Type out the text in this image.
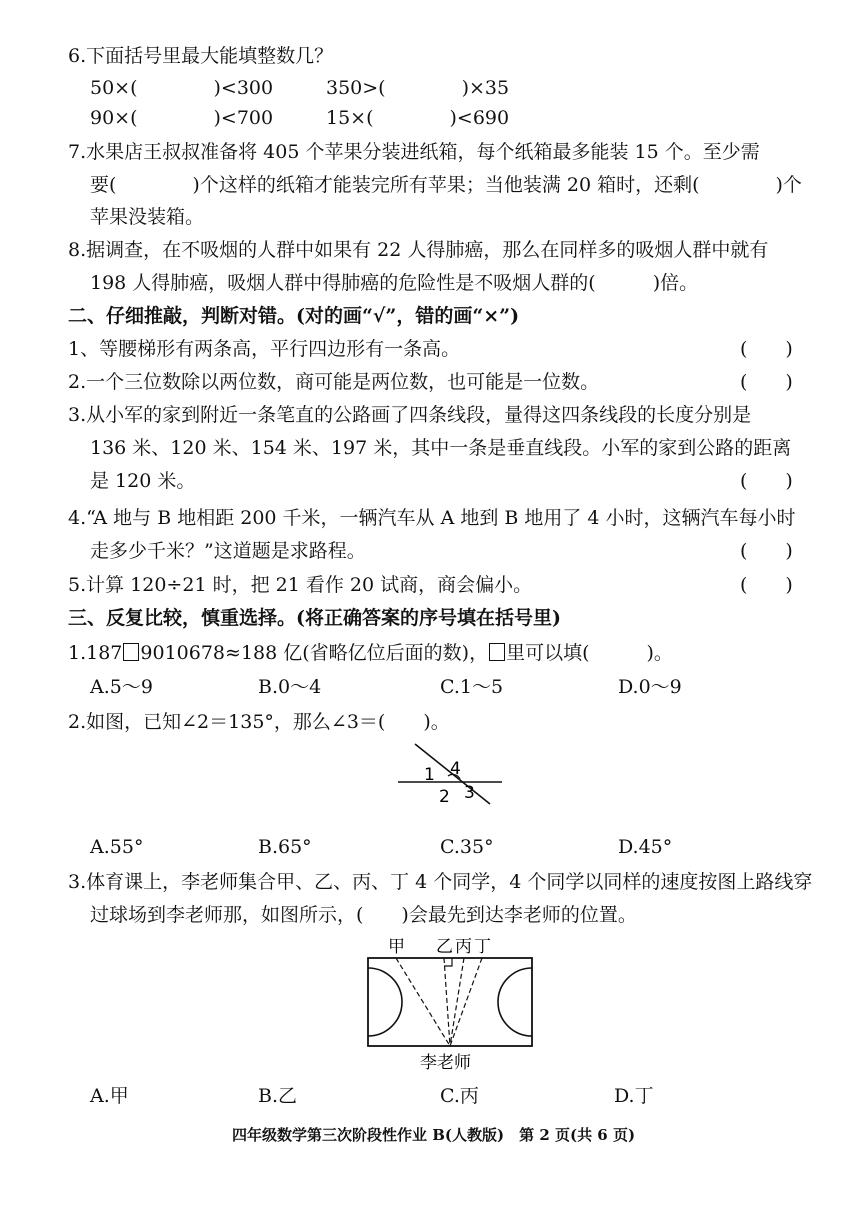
6.下面括号里最大能填整数几？
50×(　　　　)<300	350>(　　　　)×35
90×(　　　　)<700	15×(　　　　)<690
7.水果店王叔叔准备将 405 个苹果分装进纸箱，每个纸箱最多能装 15 个。至少需
要(　　　　)个这样的纸箱才能装完所有苹果；当他装满 20 箱时，还剩(　　　　)个
苹果没装箱。
8.据调查，在不吸烟的人群中如果有 22 人得肺癌，那么在同样多的吸烟人群中就有
198 人得肺癌，吸烟人群中得肺癌的危险性是不吸烟人群的(　　　)倍。
二、仔细推敲，判断对错。(对的画“√”，错的画“×”)
1、等腰梯形有两条高，平行四边形有一条高。	(　　)
2.一个三位数除以两位数，商可能是两位数，也可能是一位数。	(　　)
3.从小军的家到附近一条笔直的公路画了四条线段，量得这四条线段的长度分别是
136 米、120 米、154 米、197 米，其中一条是垂直线段。小军的家到公路的距离
是 120 米。	(　　)
4.“A 地与 B 地相距 200 千米，一辆汽车从 A 地到 B 地用了 4 小时，这辆汽车每小时
走多少千米？”这道题是求路程。	(　　)
5.计算 120÷21 时，把 21 看作 20 试商，商会偏小。	(　　)
三、反复比较，慎重选择。(将正确答案的序号填在括号里)
1.187 9010678≈188 亿(省略亿位后面的数)， 里可以填(　　　)。
A.5～9	B.0～4	C.1～5	D.0～9
2.如图，已知∠2＝135°，那么∠3＝(　　)。
1 4
2 3
A.55°	B.65°	C.35°	D.45°
3.体育课上，李老师集合甲、乙、丙、丁 4 个同学，4 个同学以同样的速度按图上路线穿
过球场到李老师那，如图所示，(　　)会最先到达李老师的位置。
甲 乙 丙 丁
李老师
A.甲	B.乙	C.丙	D.丁
四年级数学第三次阶段性作业 B(人教版)　第 2 页(共 6 页)
